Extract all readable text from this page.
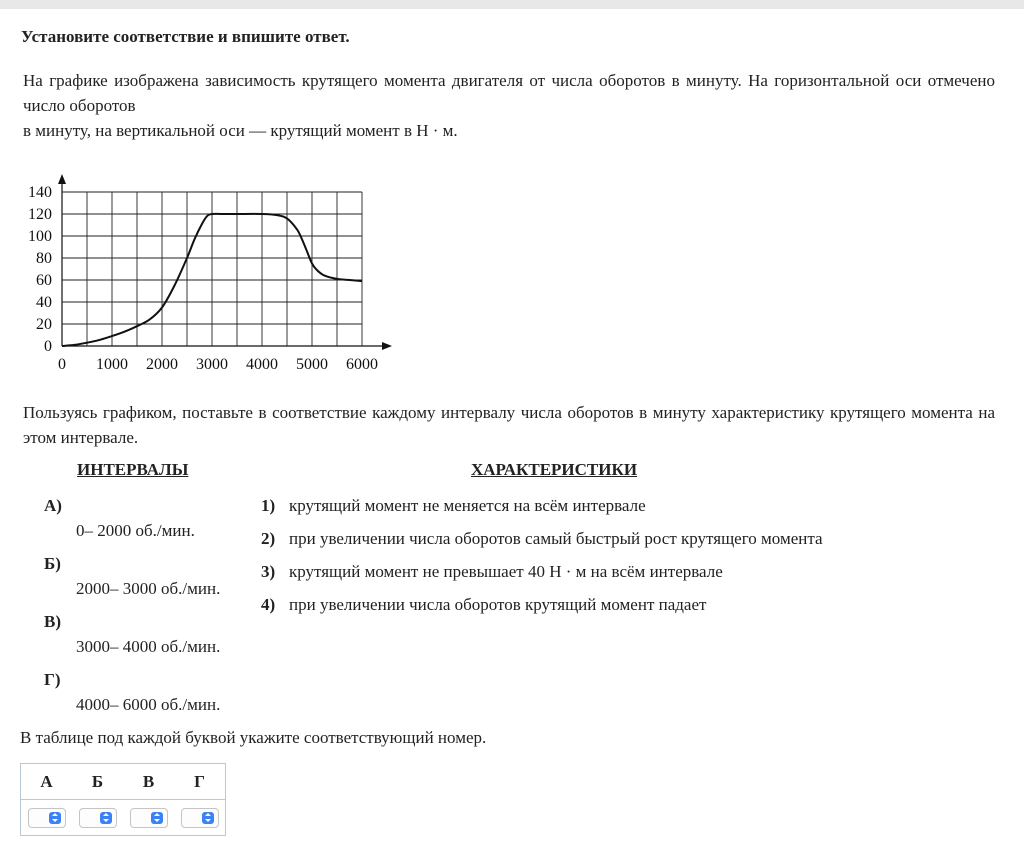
Установите соответствие и впишите ответ.
На графике изображена зависимость крутящего момента двигателя от числа оборотов в минуту. На горизонтальной оси отмечено число оборотов
в минуту, на вертикальной оси — крутящий момент в Н · м.
0 1000 2000 3000 4000 5000 6000
0
20
40
60
80
100
120
140
Пользуясь графиком, поставьте в соответствие каждому интервалу числа оборотов в минуту характеристику крутящего момента на этом интервале.
ИНТЕРВАЛЫ	ХАРАКТЕРИСТИКИ
А)
0– 2000 об./мин.
Б)
2000– 3000 об./мин.
В)
3000– 4000 об./мин.
Г)
4000– 6000 об./мин.
1) крутящий момент не меняется на всём интервале
2) при увеличении числа оборотов самый быстрый рост крутящего момента
3) крутящий момент не превышает 40 Н · м на всём интервале
4) при увеличении числа оборотов крутящий момент падает
В таблице под каждой буквой укажите соответствующий номер.
А	Б	В	Г
